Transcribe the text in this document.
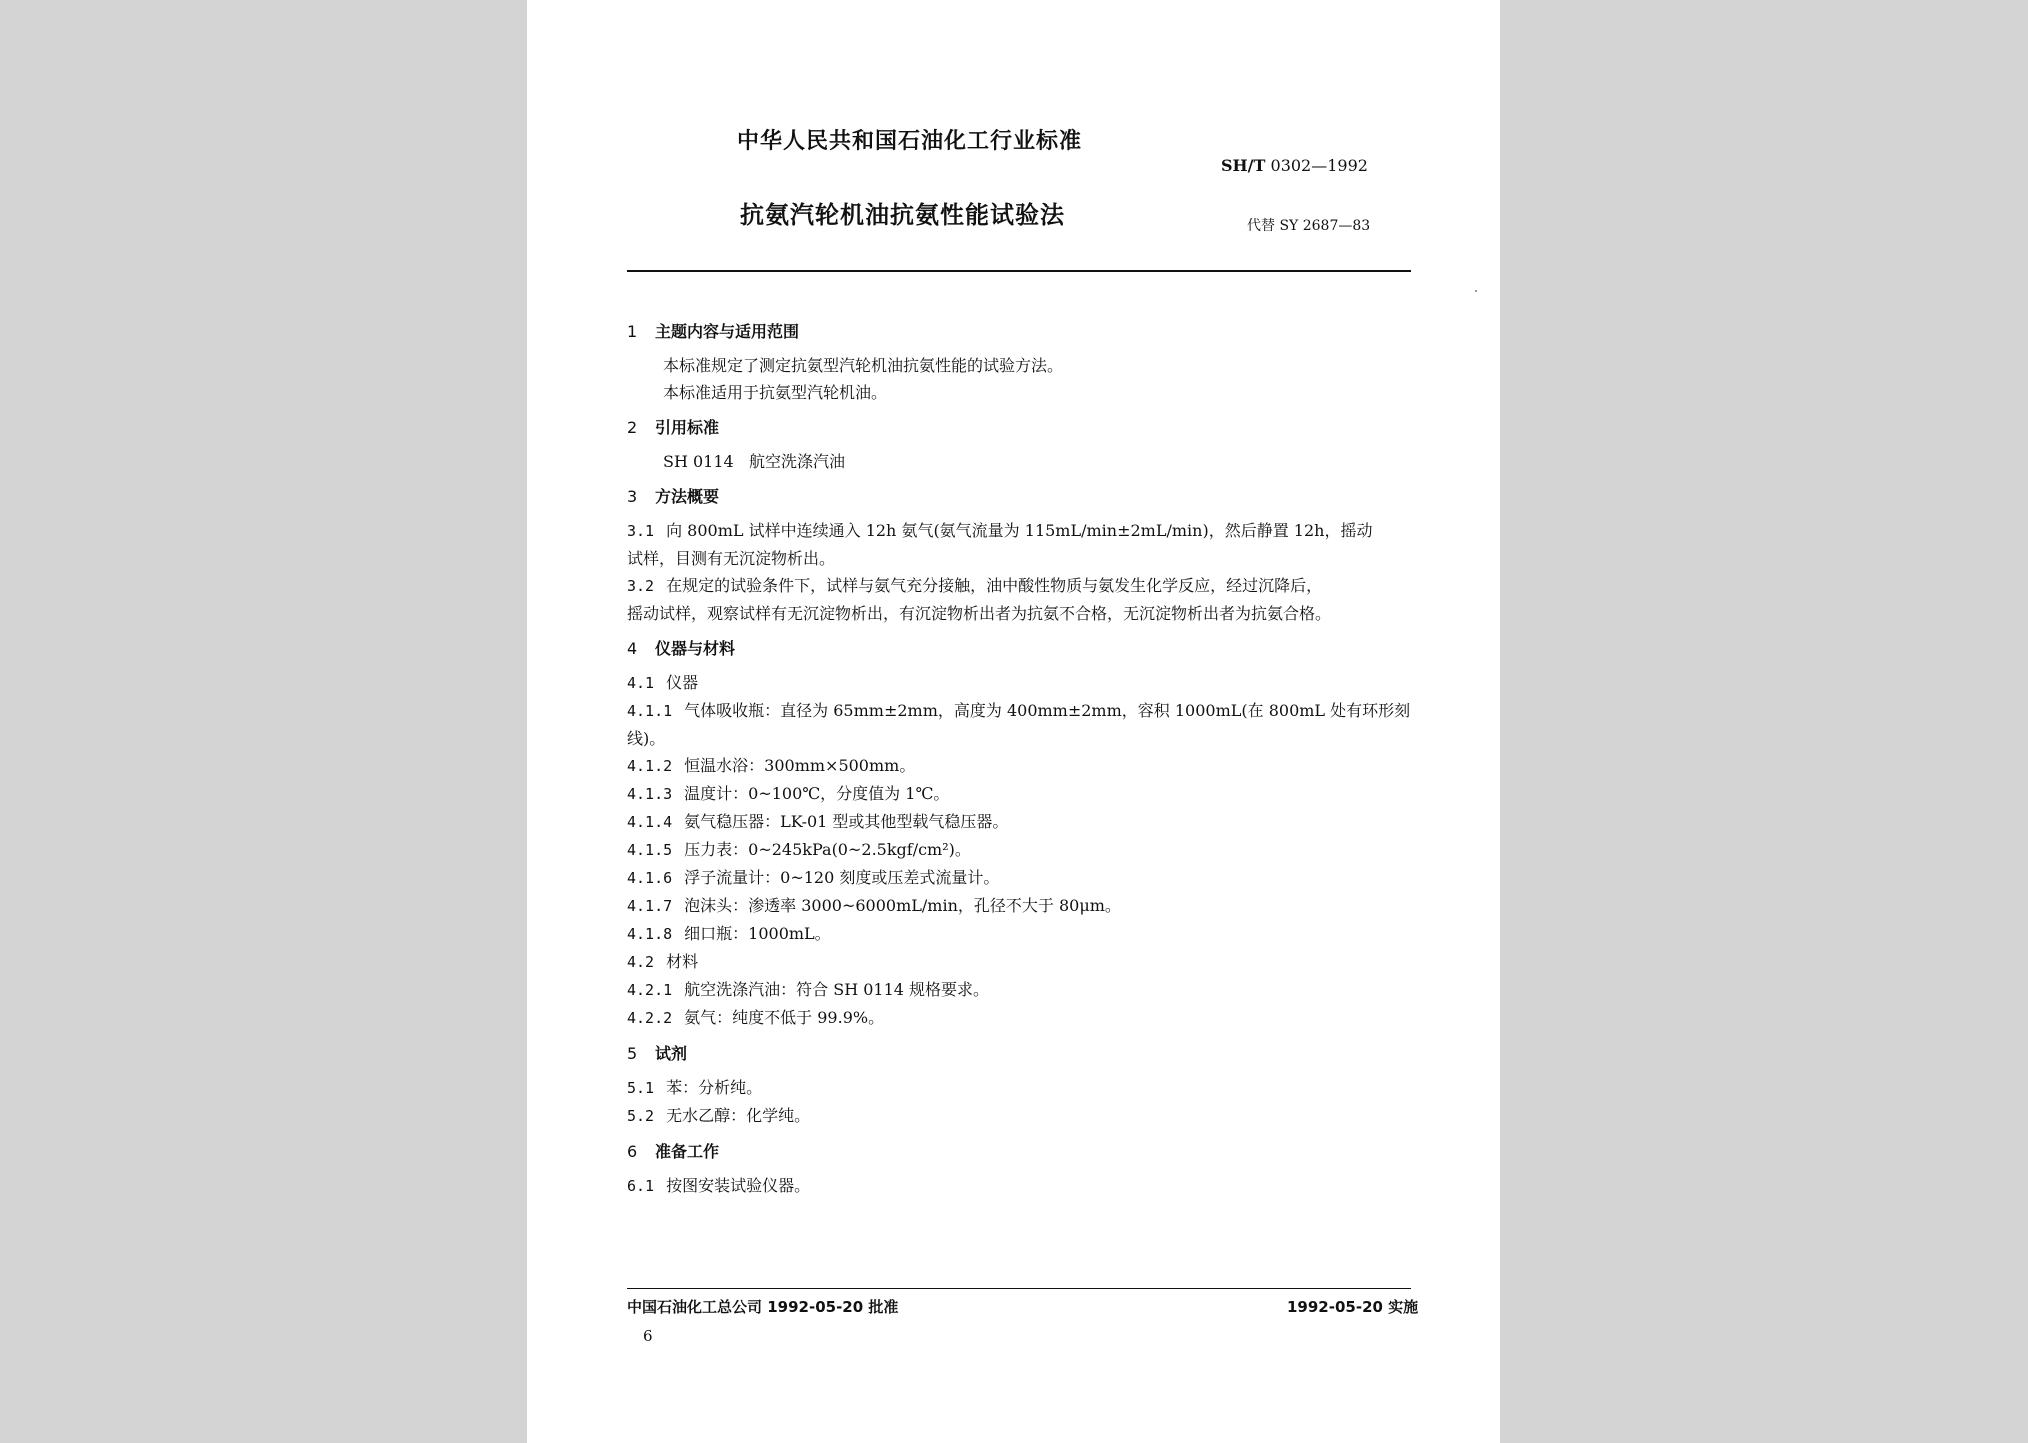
中华人民共和国石油化工行业标准
SH/T 0302—1992
抗氨汽轮机油抗氨性能试验法	代替 SY 2687—83
1 主题内容与适用范围
本标准规定了测定抗氨型汽轮机油抗氨性能的试验方法。
本标准适用于抗氨型汽轮机油。
2 引用标准
SH 0114 航空洗涤汽油
3 方法概要
3.1 向 800mL 试样中连续通入 12h 氨气(氨气流量为 115mL/min±2mL/min)，然后静置 12h，摇动
试样，目测有无沉淀物析出。
3.2 在规定的试验条件下，试样与氨气充分接触，油中酸性物质与氨发生化学反应，经过沉降后，
摇动试样，观察试样有无沉淀物析出，有沉淀物析出者为抗氨不合格，无沉淀物析出者为抗氨合格。
4 仪器与材料
4.1 仪器
4.1.1 气体吸收瓶：直径为 65mm±2mm，高度为 400mm±2mm，容积 1000mL(在 800mL 处有环形刻
线)。
4.1.2 恒温水浴：300mm×500mm。
4.1.3 温度计：0~100℃，分度值为 1℃。
4.1.4 氨气稳压器：LK-01 型或其他型载气稳压器。
4.1.5 压力表：0~245kPa(0~2.5kgf/cm²)。
4.1.6 浮子流量计：0~120 刻度或压差式流量计。
4.1.7 泡沫头：渗透率 3000~6000mL/min，孔径不大于 80μm。
4.1.8 细口瓶：1000mL。
4.2 材料
4.2.1 航空洗涤汽油：符合 SH 0114 规格要求。
4.2.2 氨气：纯度不低于 99.9%。
5 试剂
5.1 苯：分析纯。
5.2 无水乙醇：化学纯。
6 准备工作
6.1 按图安装试验仪器。
中国石油化工总公司 1992-05-20 批准	1992-05-20 实施
6
